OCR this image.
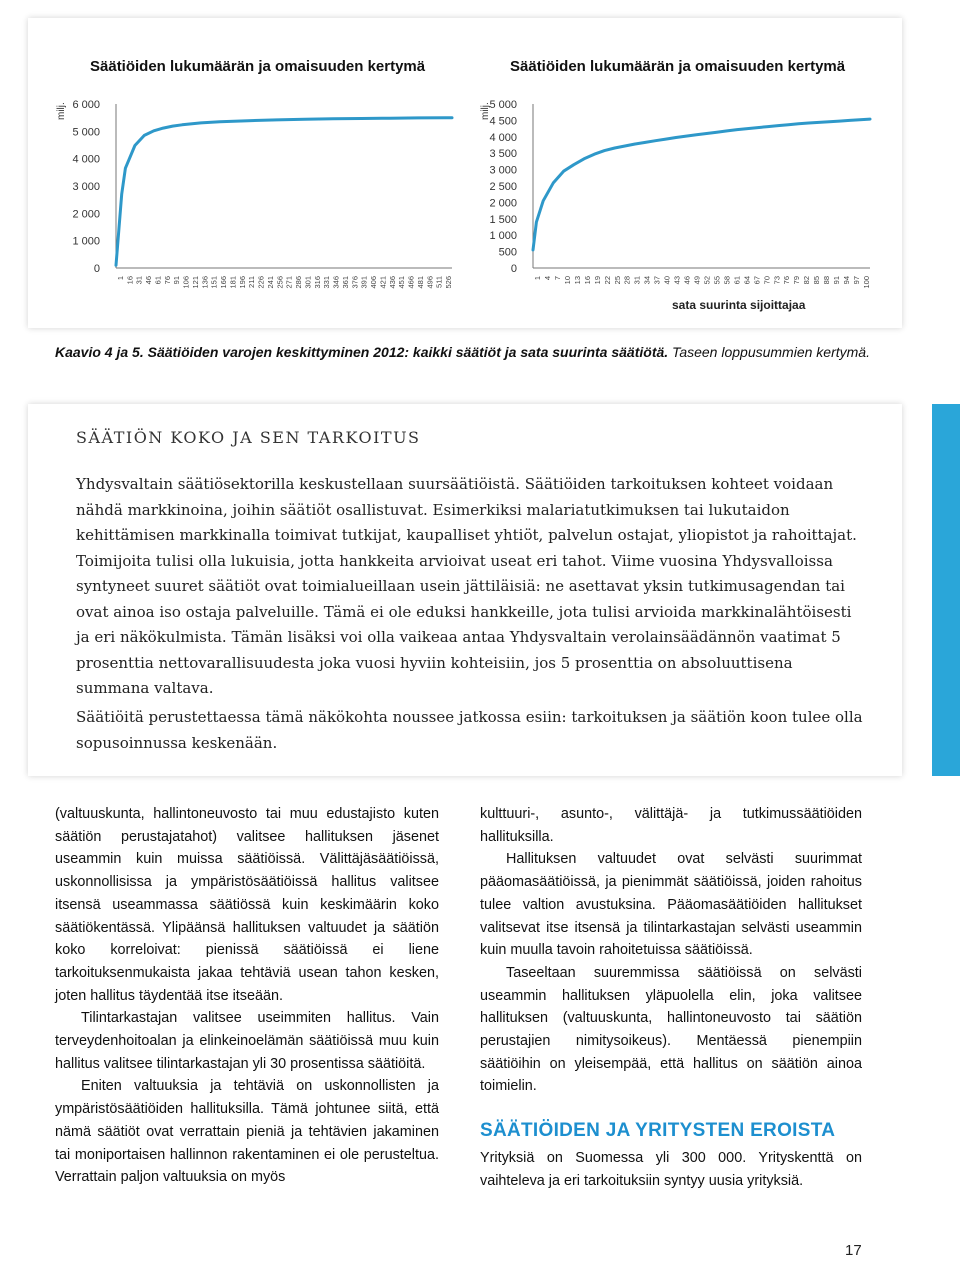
6 000
5 000
4 000
3 000
2 000
1 000
0
1 16 31 46 61 76 91 106 121 136 151 166 181 196 211 226 241 256 271 286 301 316 331 346 361 376 391 406 421 436 451 466 481 496 511 526
5 000
4 500
4 000
3 500
3 000
2 500
2 000
1 500
1 000
500
0
1 4 7 10 13 16 19 22 25 28 31 34 37 40 43 46 49 52 55 58 61 64 67 70 73 76 79 82 85 88 91 94 97 100
Säätiöiden lukumäärän ja omaisuuden kertymä	Säätiöiden lukumäärän ja omaisuuden kertymä
milj.	milj.
sata suurinta sijoittajaa
Kaavio 4 ja 5. Säätiöiden varojen keskittyminen 2012: kaikki säätiöt ja sata suurinta säätiötä. Taseen loppusummien kertymä.
SÄÄTIÖN KOKO JA SEN TARKOITUS
Yhdysvaltain säätiösektorilla keskustellaan suursäätiöistä. Säätiöiden tarkoituksen kohteet voidaan nähdä markkinoina, joihin säätiöt osallistuvat. Esimerkiksi malariatutkimuksen tai lukutaidon kehittämisen markkinalla toimivat tutkijat, kaupalliset yhtiöt, palvelun ostajat, yliopistot ja rahoittajat. Toimijoita tulisi olla lukuisia, jotta hankkeita arvioivat useat eri tahot. Viime vuosina Yhdysvalloissa syntyneet suuret säätiöt ovat toimialueillaan usein jättiläisiä: ne asettavat yksin tutkimusagendan tai ovat ainoa iso ostaja palveluille. Tämä ei ole eduksi hankkeille, jota tulisi arvioida markkinalähtöisesti ja eri näkökulmista. Tämän lisäksi voi olla vaikeaa antaa Yhdysvaltain verolainsäädännön vaatimat 5 prosenttia nettovarallisuudesta joka vuosi hyviin kohteisiin, jos 5 prosenttia on absoluuttisena summana valtava.
Säätiöitä perustettaessa tämä näkökohta noussee jatkossa esiin: tarkoituksen ja säätiön koon tulee olla sopusoinnussa keskenään.

(valtuuskunta, hallintoneuvosto tai muu edustajisto kuten säätiön perustajatahot) valitsee hallituksen jäsenet useammin kuin muissa säätiöissä. Välittäjäsäätiöissä, uskonnollisissa ja ympäristösäätiöissä hallitus valitsee itsensä useammassa säätiössä kuin keskimäärin koko säätiökentässä. Ylipäänsä hallituksen valtuudet ja säätiön koko korreloivat: pienissä säätiöissä ei liene tarkoituksenmukaista jakaa tehtäviä usean tahon kesken, joten hallitus täydentää itse itseään.

Tilintarkastajan valitsee useimmiten hallitus. Vain terveydenhoitoalan ja elinkeinoelämän säätiöissä muu kuin hallitus valitsee tilintarkastajan yli 30 prosentissa säätiöitä.

Eniten valtuuksia ja tehtäviä on uskonnollisten ja ympäristösäätiöiden hallituksilla. Tämä johtunee siitä, että nämä säätiöt ovat verrattain pieniä ja tehtävien jakaminen tai moniportaisen hallinnon rakentaminen ei ole perusteltua. Verrattain paljon valtuuksia on myös

kulttuuri-, asunto-, välittäjä- ja tutkimussäätiöiden hallituksilla.

Hallituksen valtuudet ovat selvästi suurimmat pääomasäätiöissä, ja pienimmät säätiöissä, joiden rahoitus tulee valtion avustuksina. Pääomasäätiöiden hallitukset valitsevat itse itsensä ja tilintarkastajan selvästi useammin kuin muulla tavoin rahoitetuissa säätiöissä.

Taseeltaan suuremmissa säätiöissä on selvästi useammin hallituksen yläpuolella elin, joka valitsee hallituksen (valtuuskunta, hallintoneuvosto tai säätiön perustajien nimitysoikeus). Mentäessä pienempiin säätiöihin on yleisempää, että hallitus on säätiön ainoa toimielin.

SÄÄTIÖIDEN JA YRITYSTEN EROISTA

Yrityksiä on Suomessa yli 300 000. Yrityskenttä on vaihteleva ja eri tarkoituksiin syntyy uusia yrityksiä.

17
